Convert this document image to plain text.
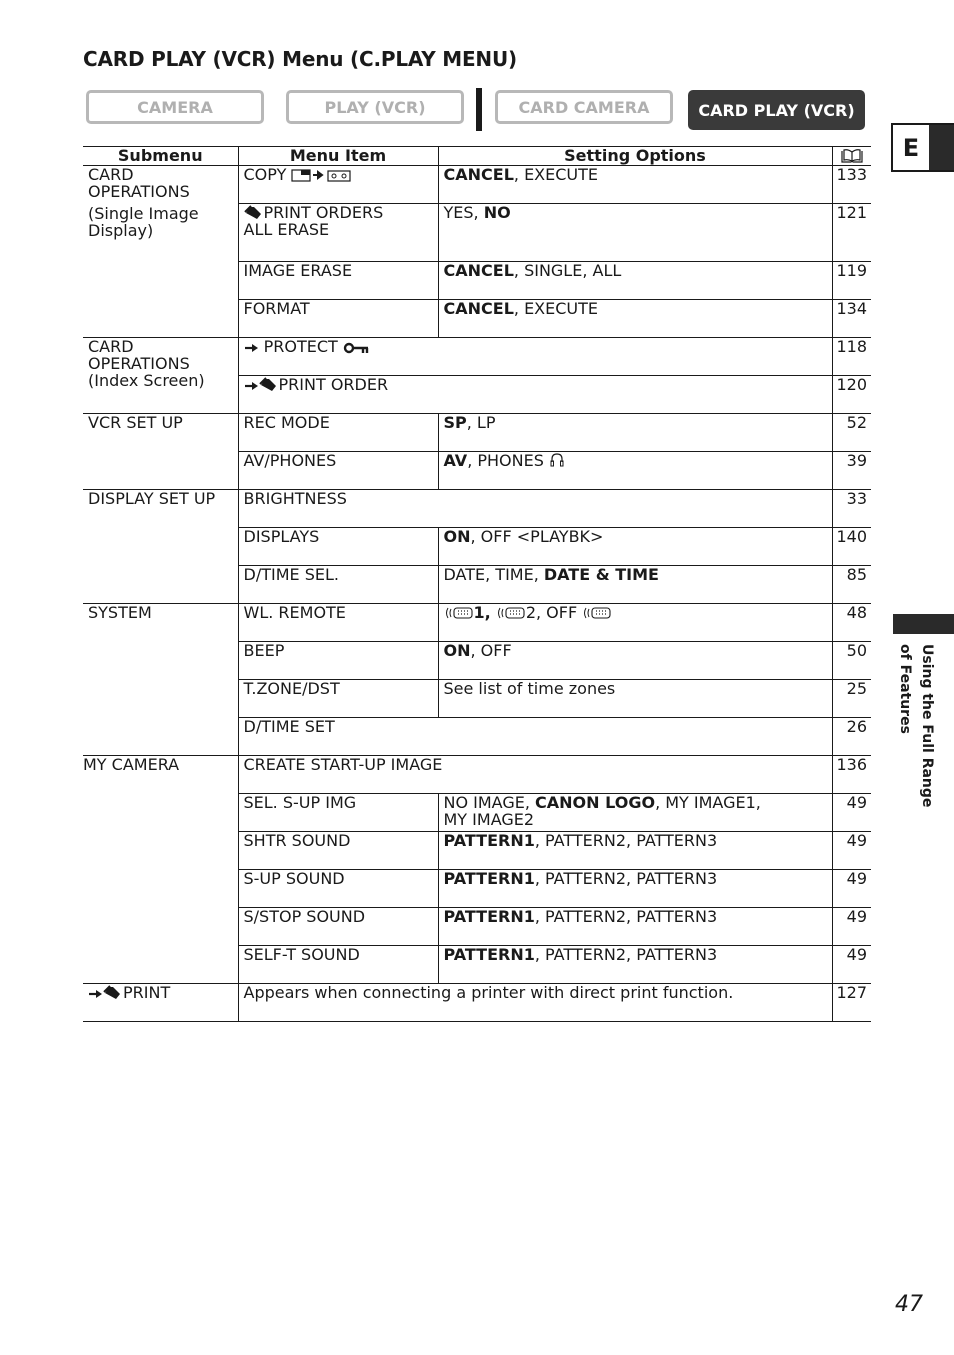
CARD PLAY (VCR) Menu (C.PLAY MENU)
CAMERA	PLAY (VCR)	CARD CAMERA	CARD PLAY (VCR)
E
Using the Full Range
of Features
Submenu	Menu Item	Setting Options	

CARD
OPERATIONS
(Single Image
Display)	COPY	CANCEL, EXECUTE	133
	PRINT ORDERS
ALL ERASE	YES, NO	121
	IMAGE ERASE	CANCEL, SINGLE, ALL	119
	FORMAT	CANCEL, EXECUTE	134

CARD
OPERATIONS
(Index Screen)	PROTECT		118
	PRINT ORDER		120
VCR SET UP	REC MODE	SP, LP	52
	AV/PHONES	AV, PHONES	39
DISPLAY SET UP	BRIGHTNESS		33
	DISPLAYS	ON, OFF <PLAYBK>	140
	D/TIME SEL.	DATE, TIME, DATE & TIME	85
SYSTEM	WL. REMOTE	1, 2, OFF	48
	BEEP	ON, OFF	50
	T.ZONE/DST	See list of time zones	25
	D/TIME SET		26
MY CAMERA	CREATE START-UP IMAGE		136
	SEL. S-UP IMG	NO IMAGE, CANON LOGO, MY IMAGE1,
MY IMAGE2	49
	SHTR SOUND	PATTERN1, PATTERN2, PATTERN3	49
	S-UP SOUND	PATTERN1, PATTERN2, PATTERN3	49
	S/STOP SOUND	PATTERN1, PATTERN2, PATTERN3	49
	SELF-T SOUND	PATTERN1, PATTERN2, PATTERN3	49
PRINT	Appears when connecting a printer with direct print function.		127
47
